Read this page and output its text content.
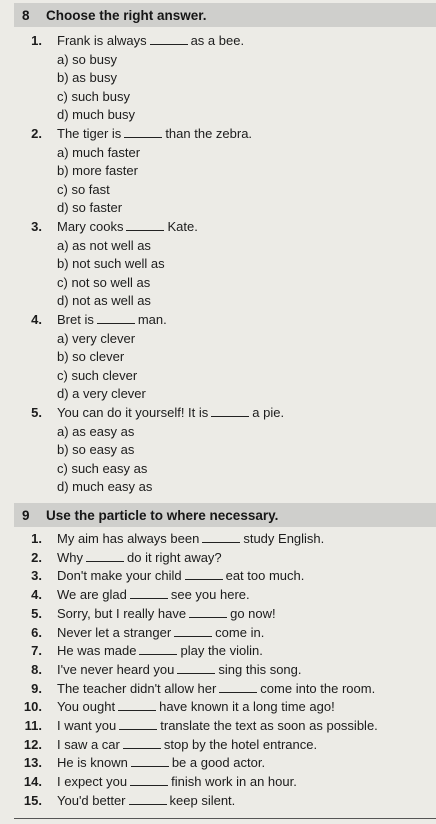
8	Choose the right answer.
1. Frank is always	as a bee.
a) so busy
b) as busy
c) such busy
d) much busy
2. The tiger is	than the zebra.
a) much faster
b) more faster
c) so fast
d) so faster
3. Mary cooks	Kate.
a) as not well as
b) not such well as
c) not so well as
d) not as well as
4. Bret is	man.
a) very clever
b) so clever
c) such clever
d) a very clever
5. You can do it yourself! It is	a pie.
a) as easy as
b) so easy as
c) such easy as
d) much easy as
9	Use the particle to where necessary.
1. My aim has always been	study English.
2. Why	do it right away?
3. Don't make your child	eat too much.
4. We are glad	see you here.
5. Sorry, but I really have	go now!
6. Never let a stranger	come in.
7. He was made	play the violin.
8. I've never heard you	sing this song.
9. The teacher didn't allow her	come into the room.
10. You ought	have known it a long time ago!
11. I want you	translate the text as soon as possible.
12. I saw a car	stop by the hotel entrance.
13. He is known	be a good actor.
14. I expect you	finish work in an hour.
15. You'd better	keep silent.
